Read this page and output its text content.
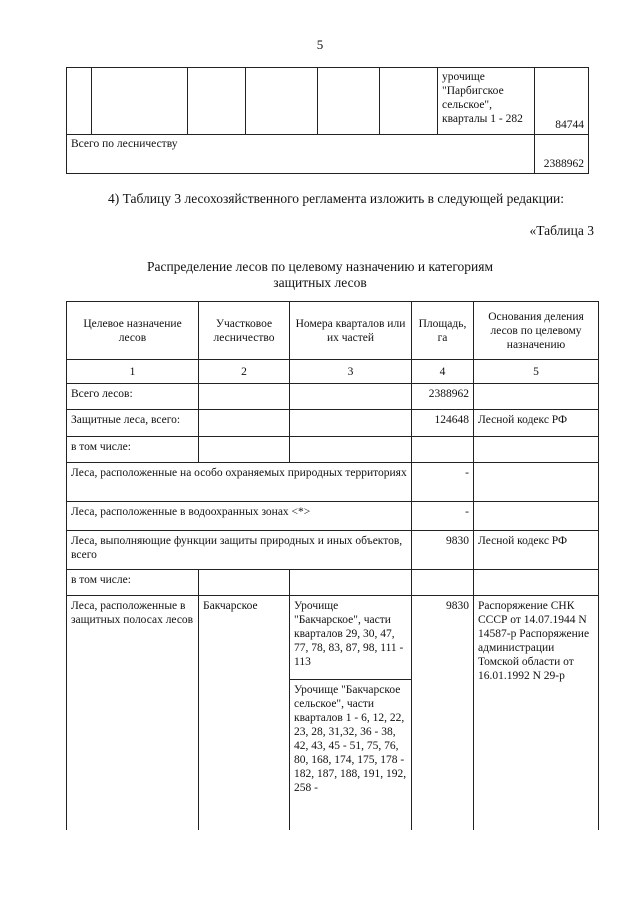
5
						урочище "Парбигское сельское", кварталы 1 - 282	84744
Всего по лесничеству							2388962
4) Таблицу 3 лесохозяйственного регламента изложить в следующей редакции:
«Таблица 3
Распределение лесов по целевому назначению и категориям
защитных лесов
Целевое назначение лесов	Участковое лесничество	Номера кварталов или их частей	Площадь, га	Основания деления лесов по целевому назначению
1	2	3	4	5
Всего лесов:			2388962	
Защитные леса, всего:			124648	Лесной кодекс РФ
в том числе:				
Леса, расположенные на особо охраняемых природных территориях			-	
Леса, расположенные в водоохранных зонах <*>			-	
Леса, выполняющие функции защиты природных и иных объектов, всего			9830	Лесной кодекс РФ
в том числе:				
Леса, расположенные в защитных полосах лесов	Бакчарское	Урочище "Бакчарское", части кварталов 29, 30, 47, 77, 78, 83, 87, 98, 111 - 113	9830	Распоряжение СНК СССР от 14.07.1944 N 14587-р Распоряжение администрации Томской области от 16.01.1992 N 29-р
		Урочище "Бакчарское сельское", части кварталов 1 - 6, 12, 22, 23, 28, 31,32, 36 - 38, 42, 43, 45 - 51, 75, 76, 80, 168, 174, 175, 178 - 182, 187, 188, 191, 192, 258 -		
